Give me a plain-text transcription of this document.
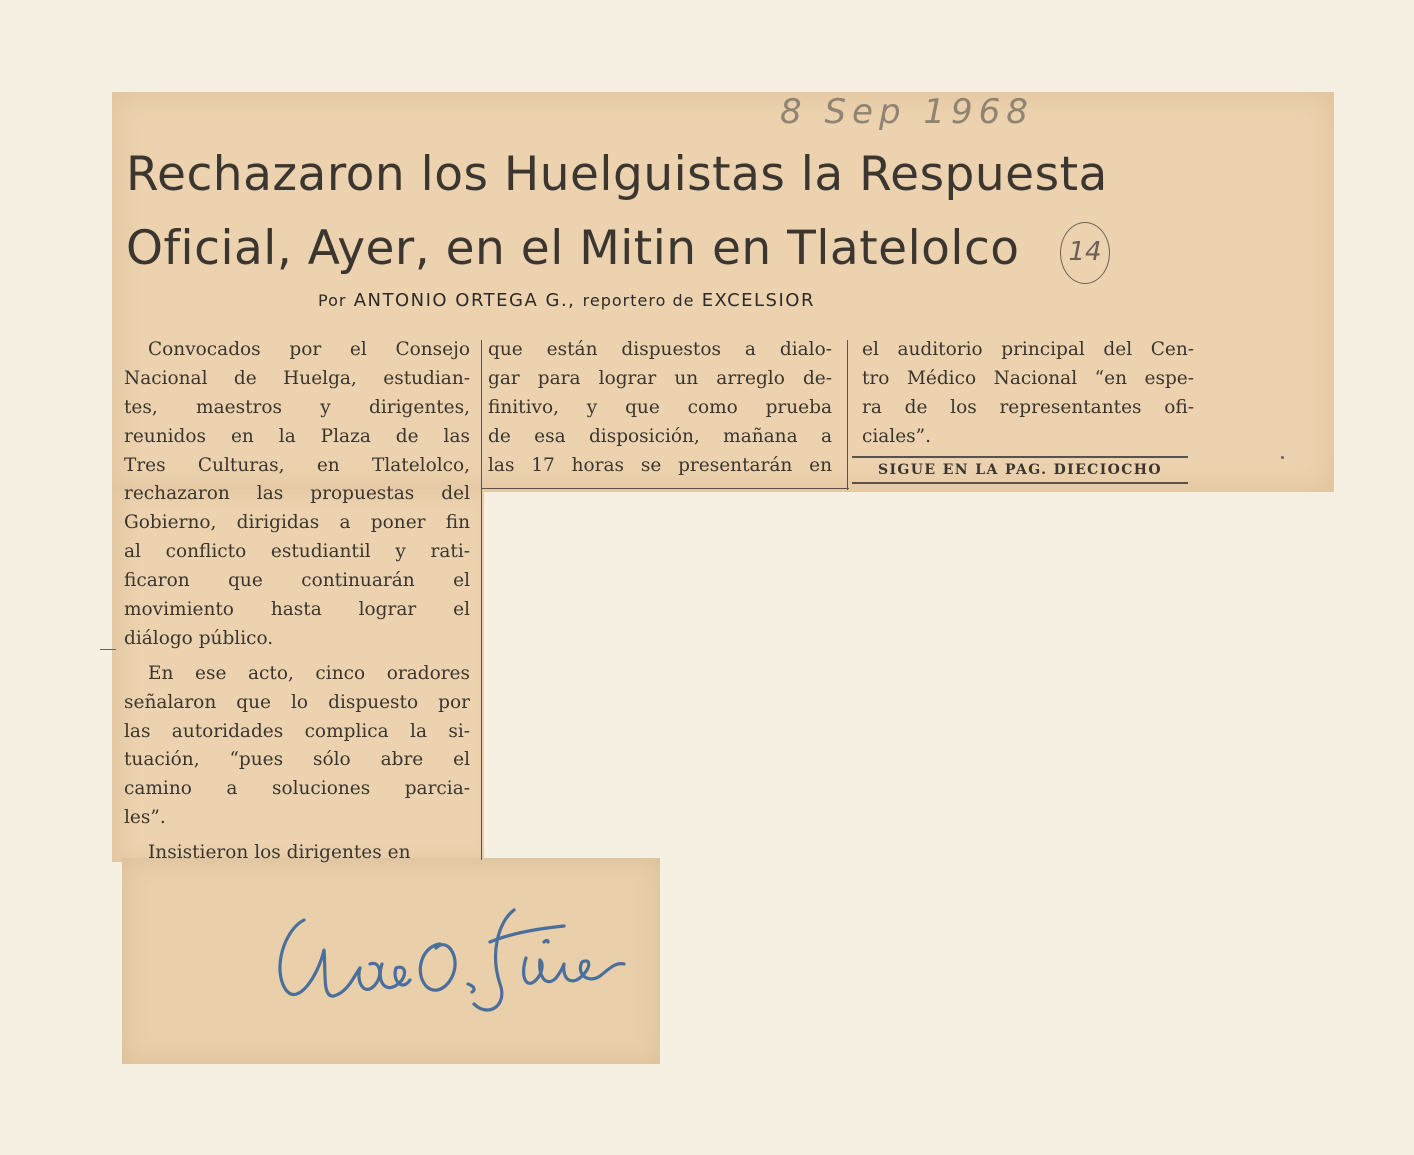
8 Sep 1968
Rechazaron los Huelguistas la Respuesta
Oficial, Ayer, en el Mitin en Tlatelolco	14
Por ANTONIO ORTEGA G., reportero de EXCELSIOR
Convocados por el Consejo
Nacional de Huelga, estudian-
tes, maestros y dirigentes,
reunidos en la Plaza de las
Tres Culturas, en Tlatelolco,
rechazaron las propuestas del
Gobierno, dirigidas a poner fin
al conflicto estudiantil y rati-
ficaron que continuarán el
movimiento hasta lograr el
diálogo público.
En ese acto, cinco oradores
señalaron que lo dispuesto por
las autoridades complica la si-
tuación, “pues sólo abre el
camino a soluciones parcia-
les”.
Insistieron los dirigentes en
que están dispuestos a dialo-
gar para lograr un arreglo de-
finitivo, y que como prueba
de esa disposición, mañana a
las 17 horas se presentarán en
el auditorio principal del Cen-
tro Médico Nacional “en espe-
ra de los representantes ofi-
ciales”.
SIGUE EN LA PAG. DIECIOCHO
